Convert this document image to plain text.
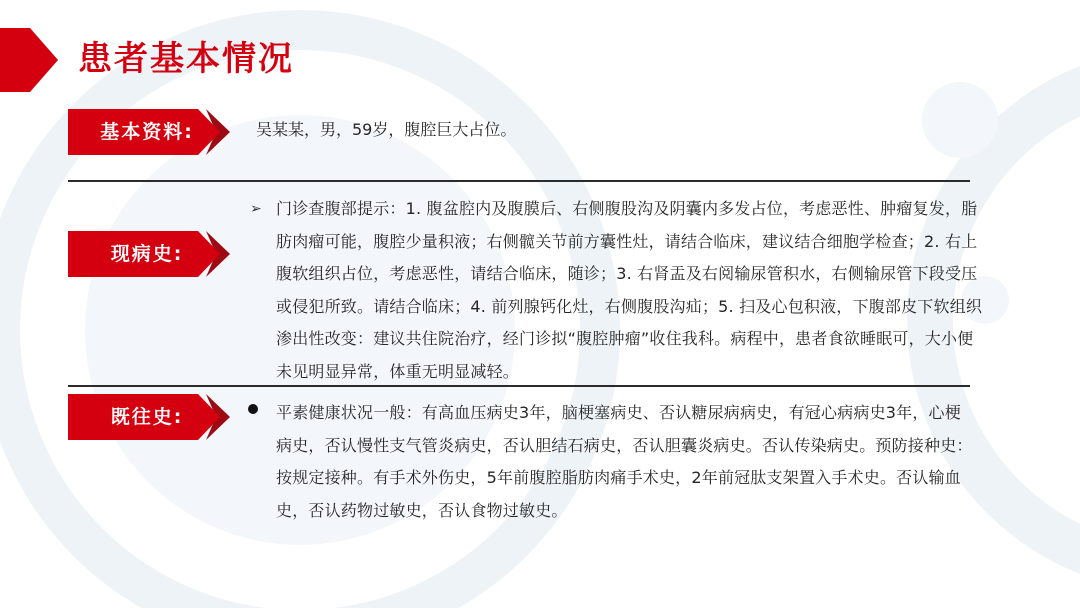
患者基本情况
基本资料:	吴某某，男，59岁，腹腔巨大占位。
现病史:
➢ 门诊查腹部提示：1. 腹盆腔内及腹膜后、右侧腹股沟及阴囊内多发占位，考虑恶性、肿瘤复发，脂肪肉瘤可能，腹腔少量积液；右侧髋关节前方囊性灶，请结合临床，建议结合细胞学检查；2. 右上腹软组织占位，考虑恶性，请结合临床，随诊；3. 右肾盂及右阅输尿管积水，右侧输尿管下段受压或侵犯所致。请结合临床；4. 前列腺钙化灶，右侧腹股沟疝；5. 扫及心包积液，下腹部皮下软组织渗出性改变：建议共住院治疗，经门诊拟“腹腔肿瘤”收住我科。病程中，患者食欲睡眠可，大小便未见明显异常，体重无明显减轻。
既往史:	平素健康状况一般：有高血压病史3年，脑梗塞病史、否认糖尿病病史，有冠心病病史3年，心梗病史，否认慢性支气管炎病史，否认胆结石病史，否认胆囊炎病史。否认传染病史。预防接种史：按规定接种。有手术外伤史，5年前腹腔脂肪肉痛手术史，2年前冠肽支架置入手术史。否认输血史，否认药物过敏史，否认食物过敏史。
